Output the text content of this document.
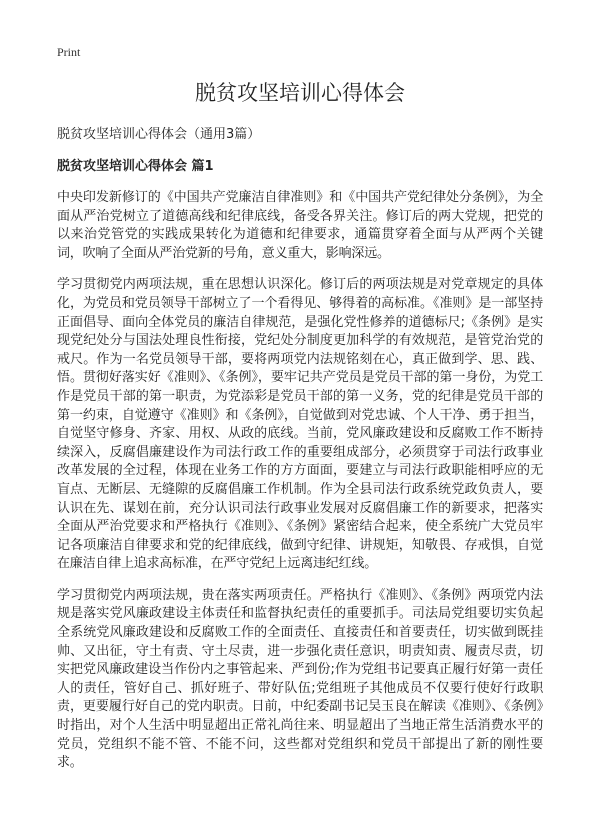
Print
脱贫攻坚培训心得体会

脱贫攻坚培训心得体会（通用3篇）

脱贫攻坚培训心得体会 篇1

中央印发新修订的《中国共产党廉洁自律准则》和《中国共产党纪律处分条例》，为全面从严治党树立了道德高线和纪律底线，备受各界关注。修订后的两大党规，把党的以来治党管党的实践成果转化为道德和纪律要求，通篇贯穿着全面与从严两个关键词，吹响了全面从严治党新的号角，意义重大，影响深远。

学习贯彻党内两项法规，重在思想认识深化。修订后的两项法规是对党章规定的具体化，为党员和党员领导干部树立了一个看得见、够得着的高标准。《准则》是一部坚持正面倡导、面向全体党员的廉洁自律规范，是强化党性修养的道德标尺;《条例》是实现党纪处分与国法处理良性衔接，党纪处分制度更加科学的有效规范，是管党治党的戒尺。作为一名党员领导干部，要将两项党内法规铭刻在心，真正做到学、思、践、悟。贯彻好落实好《准则》、《条例》，要牢记共产党员是党员干部的第一身份，为党工作是党员干部的第一职责，为党添彩是党员干部的第一义务，党的纪律是党员干部的第一约束，自觉遵守《准则》和《条例》，自觉做到对党忠诚、个人干净、勇于担当，自觉坚守修身、齐家、用权、从政的底线。当前，党风廉政建设和反腐败工作不断持续深入，反腐倡廉建设作为司法行政工作的重要组成部分，必须贯穿于司法行政事业改革发展的全过程，体现在业务工作的方方面面，要建立与司法行政职能相呼应的无盲点、无断层、无缝隙的反腐倡廉工作机制。作为全县司法行政系统党政负责人，要认识在先、谋划在前，充分认识司法行政事业发展对反腐倡廉工作的新要求，把落实全面从严治党要求和严格执行《准则》、《条例》紧密结合起来，使全系统广大党员牢记各项廉洁自律要求和党的纪律底线，做到守纪律、讲规矩，知敬畏、存戒惧，自觉在廉洁自律上追求高标准，在严守党纪上远离违纪红线。

学习贯彻党内两项法规，贵在落实两项责任。严格执行《准则》、《条例》两项党内法规是落实党风廉政建设主体责任和监督执纪责任的重要抓手。司法局党组要切实负起全系统党风廉政建设和反腐败工作的全面责任、直接责任和首要责任，切实做到既挂帅、又出征，守土有责、守土尽责，进一步强化责任意识，明责知责、履责尽责，切实把党风廉政建设当作份内之事管起来、严到份;作为党组书记要真正履行好第一责任人的责任，管好自己、抓好班子、带好队伍;党组班子其他成员不仅要行使好行政职责，更要履行好自己的党内职责。日前，中纪委副书记吴玉良在解读《准则》、《条例》时指出，对个人生活中明显超出正常礼尚往来、明显超出了当地正常生活消费水平的党员，党组织不能不管、不能不问，这些都对党组织和党员干部提出了新的刚性要求。
